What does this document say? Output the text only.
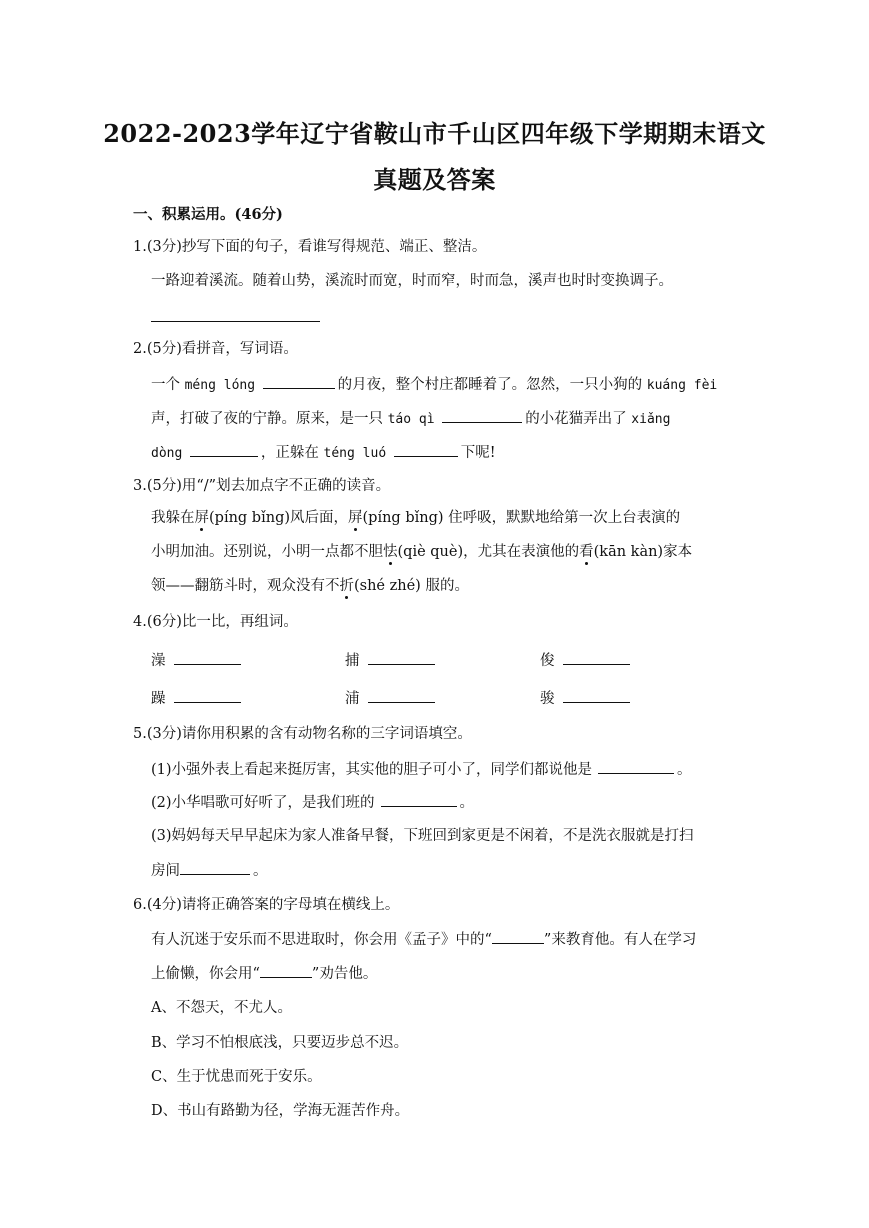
2022-2023学年辽宁省鞍山市千山区四年级下学期期末语文
真题及答案
一、积累运用。(46分)
1.(3分)抄写下面的句子，看谁写得规范、端正、整洁。
一路迎着溪流。随着山势，溪流时而宽，时而窄，时而急，溪声也时时变换调子。
2.(5分)看拼音，写词语。
一个 méng lóng	的月夜，整个村庄都睡着了。忽然，一只小狗的 kuáng fèi
声，打破了夜的宁静。原来，是一只 táo qì	的小花猫弄出了 xiǎng
dòng	，正躲在 téng luó	下呢!
3.(5分)用“/”划去加点字不正确的读音。
我躲在屏(píng bǐng)风后面，屏(píng bǐng) 住呼吸，默默地给第一次上台表演的
小明加油。还别说，小明一点都不胆怯(qiè què)，尤其在表演他的看(kān kàn)家本
领——翻筋斗时，观众没有不折(shé zhé) 服的。
4.(6分)比一比，再组词。
澡	捕	俊
躁	浦	骏
5.(3分)请你用积累的含有动物名称的三字词语填空。
(1)小强外表上看起来挺厉害，其实他的胆子可小了，同学们都说他是	。
(2)小华唱歌可好听了，是我们班的	。
(3)妈妈每天早早起床为家人准备早餐，下班回到家更是不闲着，不是洗衣服就是打扫
房间	。
6.(4分)请将正确答案的字母填在横线上。
有人沉迷于安乐而不思进取时，你会用《孟子》中的“	”来教育他。有人在学习
上偷懒，你会用“	”劝告他。
A、不怨天，不尤人。
B、学习不怕根底浅，只要迈步总不迟。
C、生于忧患而死于安乐。
D、书山有路勤为径，学海无涯苦作舟。
